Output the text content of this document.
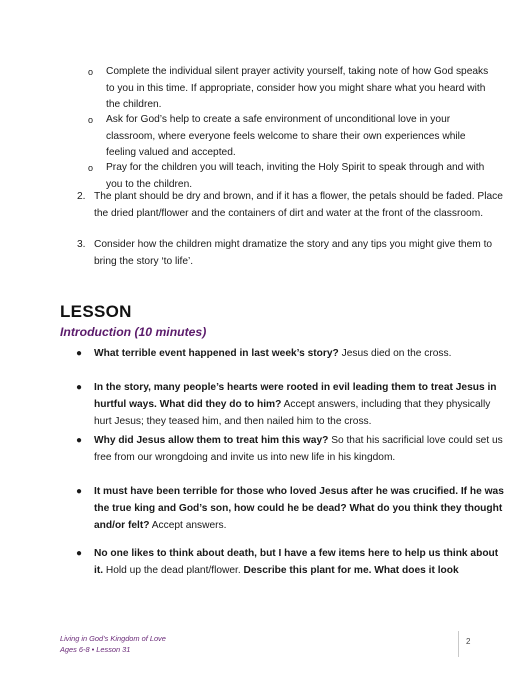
o Complete the individual silent prayer activity yourself, taking note of how God speaks to you in this time. If appropriate, consider how you might share what you heard with the children.
o Ask for God’s help to create a safe environment of unconditional love in your classroom, where everyone feels welcome to share their own experiences while feeling valued and accepted.
o Pray for the children you will teach, inviting the Holy Spirit to speak through and with you to the children.
2. The plant should be dry and brown, and if it has a flower, the petals should be faded. Place the dried plant/flower and the containers of dirt and water at the front of the classroom.
3. Consider how the children might dramatize the story and any tips you might give them to bring the story ‘to life’.
LESSON
Introduction (10 minutes)
● What terrible event happened in last week’s story? Jesus died on the cross.
● In the story, many people’s hearts were rooted in evil leading them to treat Jesus in hurtful ways. What did they do to him? Accept answers, including that they physically hurt Jesus; they teased him, and then nailed him to the cross.
● Why did Jesus allow them to treat him this way? So that his sacrificial love could set us free from our wrongdoing and invite us into new life in his kingdom.
● It must have been terrible for those who loved Jesus after he was crucified. If he was the true king and God’s son, how could he be dead? What do you think they thought and/or felt? Accept answers.
● No one likes to think about death, but I have a few items here to help us think about it. Hold up the dead plant/flower. Describe this plant for me. What does it look
Living in God’s Kingdom of Love
Ages 6-8 • Lesson 31
2
